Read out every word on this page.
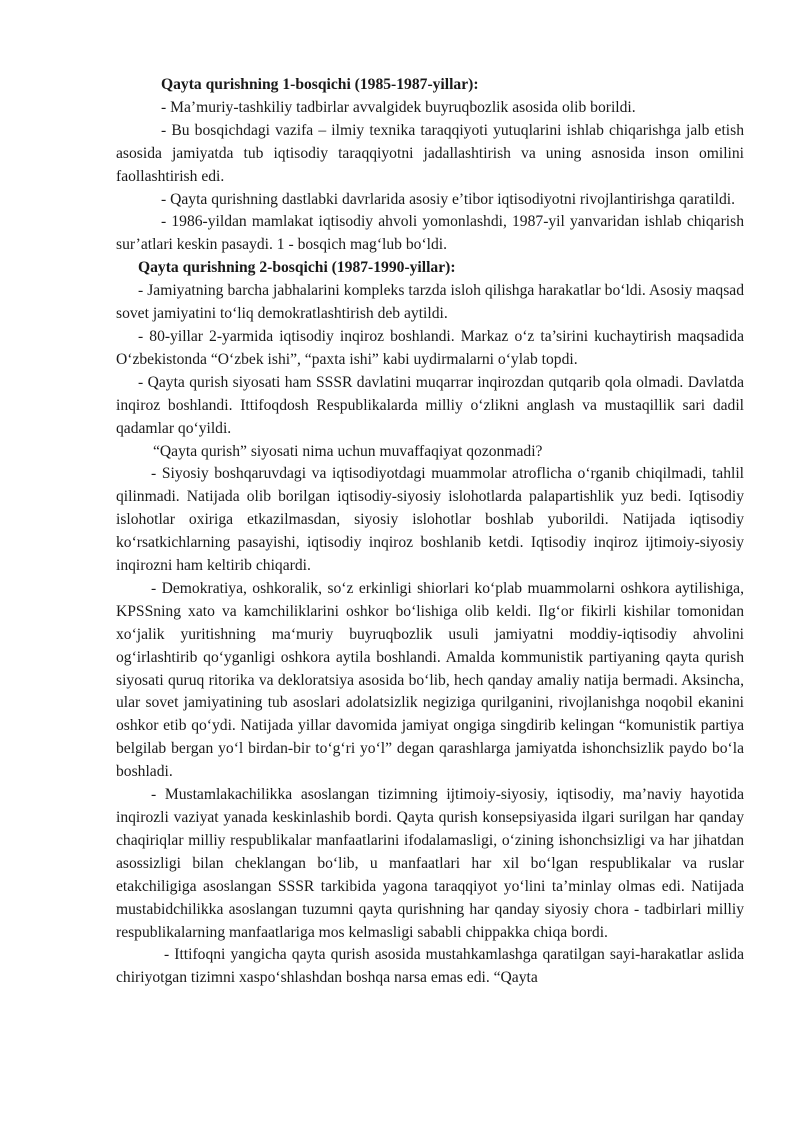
Qayta qurishning 1-bosqichi (1985-1987-yillar):

- Ma’muriy-tashkiliy tadbirlar avvalgidek buyruqbozlik asosida olib borildi.

- Bu bosqichdagi vazifa – ilmiy texnika taraqqiyoti yutuqlarini ishlab chiqarishga jalb etish asosida jamiyatda tub iqtisodiy taraqqiyotni jadallashtirish va uning asnosida inson omilini faollashtirish edi.

- Qayta qurishning dastlabki davrlarida asosiy e’tibor iqtisodiyotni rivojlantirishga qaratildi.

- 1986-yildan mamlakat iqtisodiy ahvoli yomonlashdi, 1987-yil yanvaridan ishlab chiqarish sur’atlari keskin pasaydi. 1 - bosqich mag‘lub bo‘ldi.

Qayta qurishning 2-bosqichi (1987-1990-yillar):

- Jamiyatning barcha jabhalarini kompleks tarzda isloh qilishga harakatlar bo‘ldi. Asosiy maqsad sovet jamiyatini to‘liq demokratlashtirish deb aytildi.

- 80-yillar 2-yarmida iqtisodiy inqiroz boshlandi. Markaz o‘z ta’sirini kuchaytirish maqsadida O‘zbekistonda “O‘zbek ishi”, “paxta ishi” kabi uydirmalarni o‘ylab topdi.

- Qayta qurish siyosati ham SSSR davlatini muqarrar inqirozdan qutqarib qola olmadi. Davlatda inqiroz boshlandi. Ittifoqdosh Respublikalarda milliy o‘zlikni anglash va mustaqillik sari dadil qadamlar qo‘yildi.

“Qayta qurish” siyosati nima uchun muvaffaqiyat qozonmadi?

- Siyosiy boshqaruvdagi va iqtisodiyotdagi muammolar atroflicha o‘rganib chiqilmadi, tahlil qilinmadi. Natijada olib borilgan iqtisodiy-siyosiy islohotlarda palapartishlik yuz bedi. Iqtisodiy islohotlar oxiriga etkazilmasdan, siyosiy islohotlar boshlab yuborildi. Natijada iqtisodiy ko‘rsatkichlarning pasayishi, iqtisodiy inqiroz boshlanib ketdi. Iqtisodiy inqiroz ijtimoiy-siyosiy inqirozni ham keltirib chiqardi.

- Demokratiya, oshkoralik, so‘z erkinligi shiorlari ko‘plab muammolarni oshkora aytilishiga, KPSSning xato va kamchiliklarini oshkor bo‘lishiga olib keldi. Ilg‘or fikirli kishilar tomonidan xo‘jalik yuritishning ma‘muriy buyruqbozlik usuli jamiyatni moddiy-iqtisodiy ahvolini og‘irlashtirib qo‘yganligi oshkora aytila boshlandi. Amalda kommunistik partiyaning qayta qurish siyosati quruq ritorika va dekloratsiya asosida bo‘lib, hech qanday amaliy natija bermadi. Aksincha, ular sovet jamiyatining tub asoslari adolatsizlik negiziga qurilganini, rivojlanishga noqobil ekanini oshkor etib qo‘ydi. Natijada yillar davomida jamiyat ongiga singdirib kelingan “komunistik partiya belgilab bergan yo‘l birdan-bir to‘g‘ri yo‘l” degan qarashlarga jamiyatda ishonchsizlik paydo bo‘la boshladi.

- Mustamlakachilikka asoslangan tizimning ijtimoiy-siyosiy, iqtisodiy, ma’naviy hayotida inqirozli vaziyat yanada keskinlashib bordi. Qayta qurish konsepsiyasida ilgari surilgan har qanday chaqiriqlar milliy respublikalar manfaatlarini ifodalamasligi, o‘zining ishonchsizligi va har jihatdan asossizligi bilan cheklangan bo‘lib, u manfaatlari har xil bo‘lgan respublikalar va ruslar etakchiligiga asoslangan SSSR tarkibida yagona taraqqiyot yo‘lini ta’minlay olmas edi. Natijada mustabidchilikka asoslangan tuzumni qayta qurishning har qanday siyosiy chora - tadbirlari milliy respublikalarning manfaatlariga mos kelmasligi sababli chippakka chiqa bordi.

- Ittifoqni yangicha qayta qurish asosida mustahkamlashga qaratilgan sayi-harakatlar aslida chiriyotgan tizimni xaspo‘shlashdan boshqa narsa emas edi. “Qayta
